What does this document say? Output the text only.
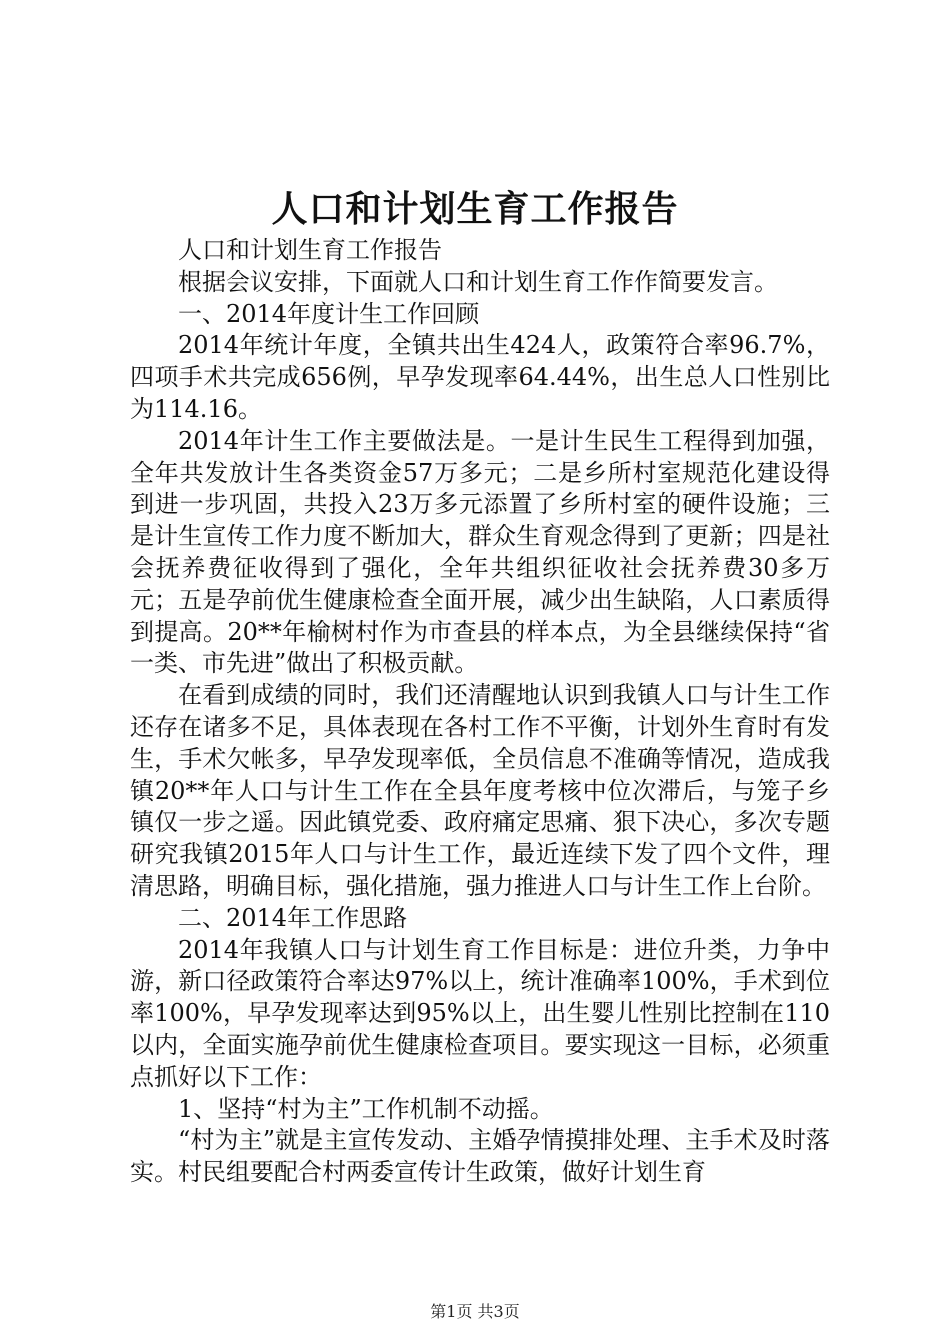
人口和计划生育工作报告

人口和计划生育工作报告

根据会议安排，下面就人口和计划生育工作作简要发言。

一、2014年度计生工作回顾

2014年统计年度，全镇共出生424人，政策符合率96.7%，四项手术共完成656例，早孕发现率64.44%，出生总人口性别比为114.16。

2014年计生工作主要做法是。一是计生民生工程得到加强，全年共发放计生各类资金57万多元；二是乡所村室规范化建设得到进一步巩固，共投入23万多元添置了乡所村室的硬件设施；三是计生宣传工作力度不断加大，群众生育观念得到了更新；四是社会抚养费征收得到了强化，全年共组织征收社会抚养费30多万元；五是孕前优生健康检查全面开展，减少出生缺陷，人口素质得到提高。20**年榆树村作为市查县的样本点，为全县继续保持“省一类、市先进”做出了积极贡献。

在看到成绩的同时，我们还清醒地认识到我镇人口与计生工作还存在诸多不足，具体表现在各村工作不平衡，计划外生育时有发生，手术欠帐多，早孕发现率低，全员信息不准确等情况，造成我镇20**年人口与计生工作在全县年度考核中位次滞后，与笼子乡镇仅一步之遥。因此镇党委、政府痛定思痛、狠下决心，多次专题研究我镇2015年人口与计生工作，最近连续下发了四个文件，理清思路，明确目标，强化措施，强力推进人口与计生工作上台阶。

二、2014年工作思路

2014年我镇人口与计划生育工作目标是：进位升类，力争中游，新口径政策符合率达97%以上，统计准确率100%，手术到位率100%，早孕发现率达到95%以上，出生婴儿性别比控制在110以内，全面实施孕前优生健康检查项目。要实现这一目标，必须重点抓好以下工作：

1、坚持“村为主”工作机制不动摇。

“村为主”就是主宣传发动、主婚孕情摸排处理、主手术及时落实。村民组要配合村两委宣传计生政策，做好计划生育

第1页 共3页
